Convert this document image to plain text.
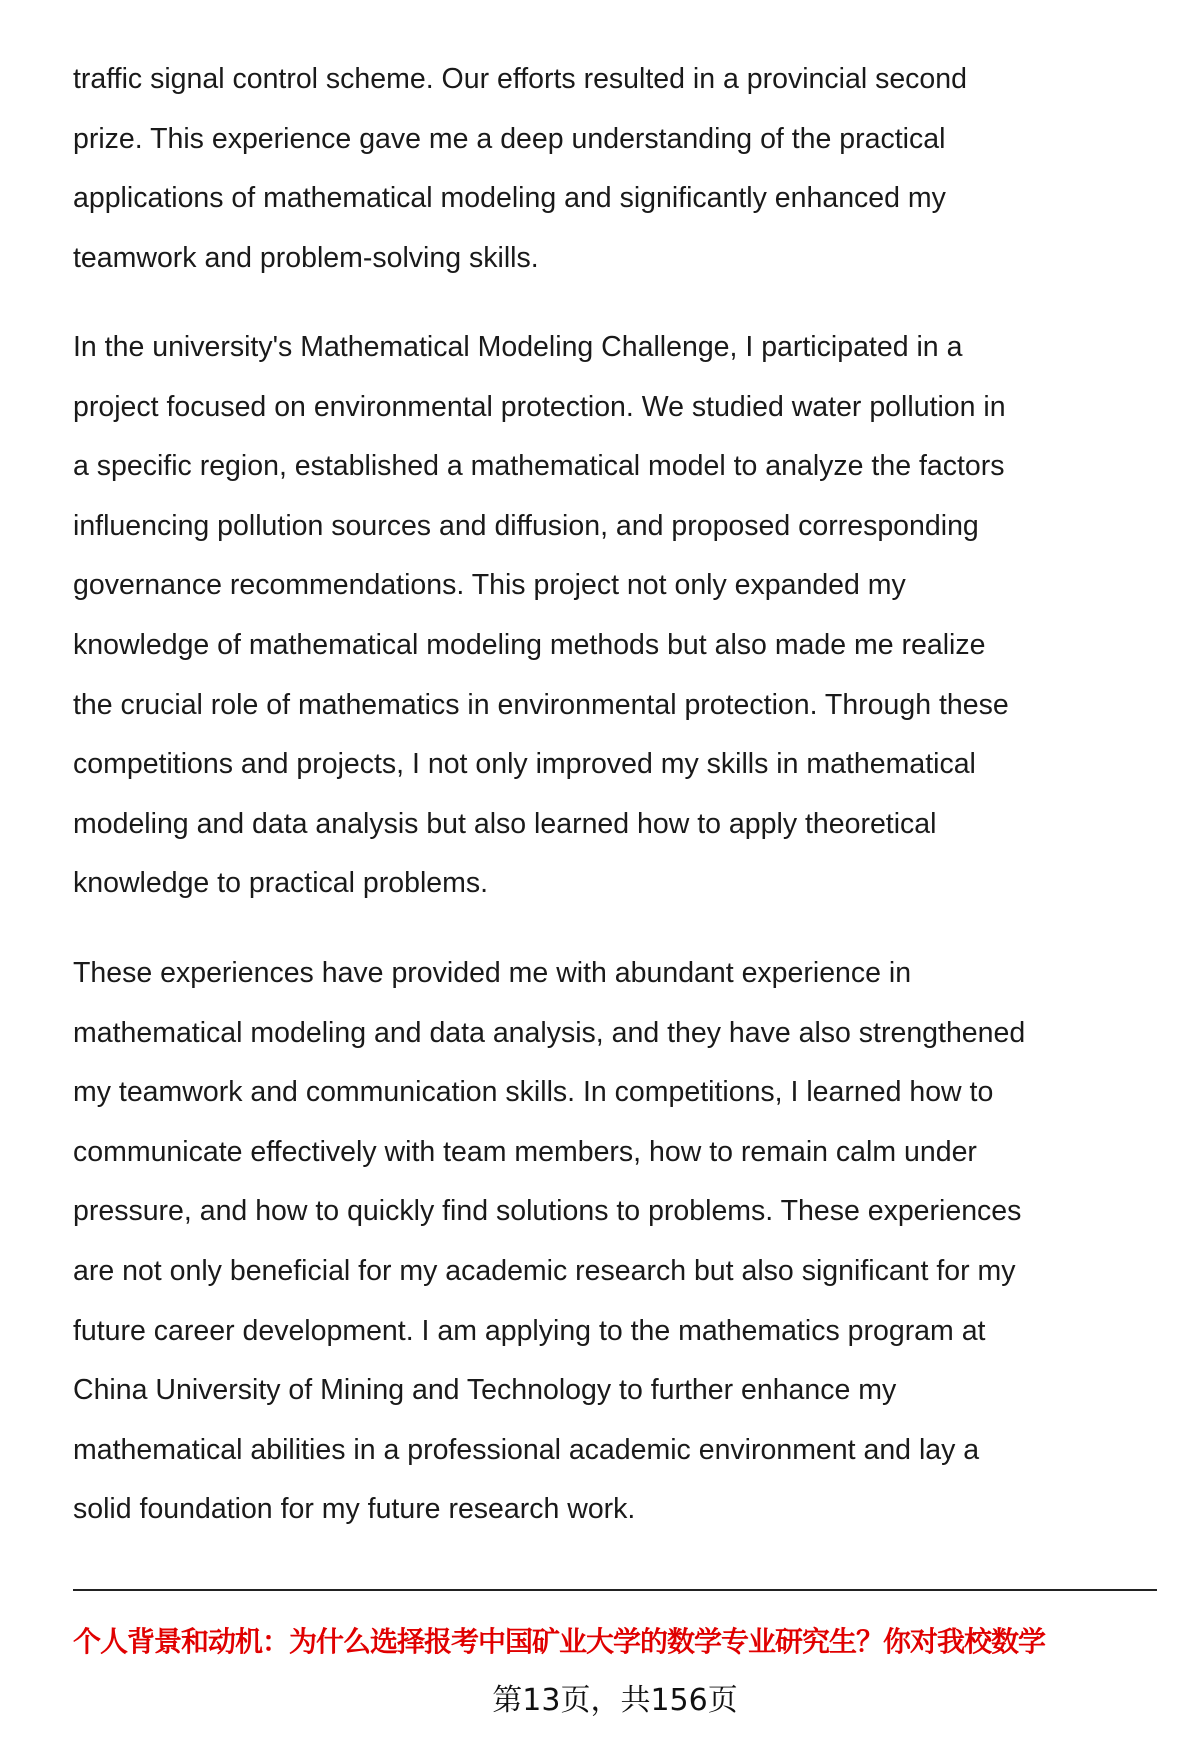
traffic signal control scheme. Our efforts resulted in a provincial second
prize. This experience gave me a deep understanding of the practical
applications of mathematical modeling and significantly enhanced my
teamwork and problem-solving skills.
In the university's Mathematical Modeling Challenge, I participated in a
project focused on environmental protection. We studied water pollution in
a specific region, established a mathematical model to analyze the factors
influencing pollution sources and diffusion, and proposed corresponding
governance recommendations. This project not only expanded my
knowledge of mathematical modeling methods but also made me realize
the crucial role of mathematics in environmental protection. Through these
competitions and projects, I not only improved my skills in mathematical
modeling and data analysis but also learned how to apply theoretical
knowledge to practical problems.
These experiences have provided me with abundant experience in
mathematical modeling and data analysis, and they have also strengthened
my teamwork and communication skills. In competitions, I learned how to
communicate effectively with team members, how to remain calm under
pressure, and how to quickly find solutions to problems. These experiences
are not only beneficial for my academic research but also significant for my
future career development. I am applying to the mathematics program at
China University of Mining and Technology to further enhance my
mathematical abilities in a professional academic environment and lay a
solid foundation for my future research work.
个人背景和动机：为什么选择报考中国矿业大学的数学专业研究生？你对我校数学
第13页，共156页
